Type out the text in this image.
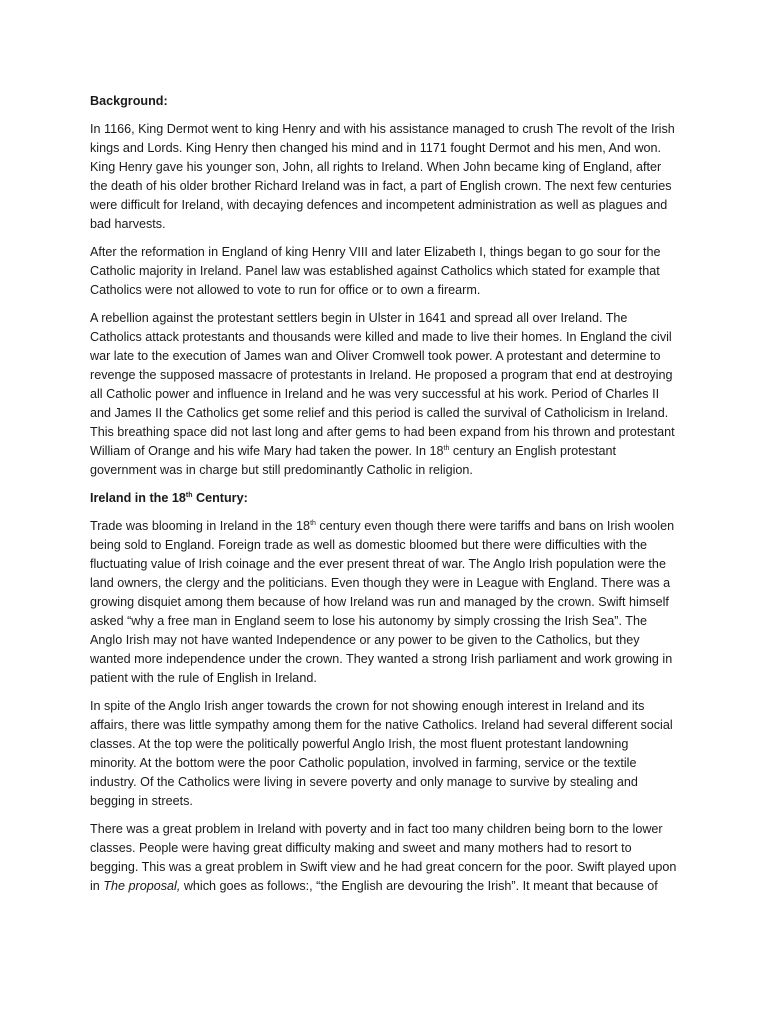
Background:

In 1166, King Dermot went to king Henry and with his assistance managed to crush The revolt of the Irish kings and Lords. King Henry then changed his mind and in 1171 fought Dermot and his men, And won. King Henry gave his younger son, John, all rights to Ireland. When John became king of England, after the death of his older brother Richard Ireland was in fact, a part of English crown. The next few centuries were difficult for Ireland, with decaying defences and incompetent administration as well as plagues and bad harvests.

After the reformation in England of king Henry VIII and later Elizabeth I, things began to go sour for the Catholic majority in Ireland. Panel law was established against Catholics which stated for example that Catholics were not allowed to vote to run for office or to own a firearm.

A rebellion against the protestant settlers begin in Ulster in 1641 and spread all over Ireland. The Catholics attack protestants and thousands were killed and made to live their homes. In England the civil war late to the execution of James wan and Oliver Cromwell took power. A protestant and determine to revenge the supposed massacre of protestants in Ireland. He proposed a program that end at destroying all Catholic power and influence in Ireland and he was very successful at his work. Period of Charles II and James II the Catholics get some relief and this period is called the survival of Catholicism in Ireland. This breathing space did not last long and after gems to had been expand from his thrown and protestant William of Orange and his wife Mary had taken the power. In 18th century an English protestant government was in charge but still predominantly Catholic in religion.

Ireland in the 18th Century:

Trade was blooming in Ireland in the 18th century even though there were tariffs and bans on Irish woolen being sold to England. Foreign trade as well as domestic bloomed but there were difficulties with the fluctuating value of Irish coinage and the ever present threat of war. The Anglo Irish population were the land owners, the clergy and the politicians. Even though they were in League with England. There was a growing disquiet among them because of how Ireland was run and managed by the crown. Swift himself asked “why a free man in England seem to lose his autonomy by simply crossing the Irish Sea”. The Anglo Irish may not have wanted Independence or any power to be given to the Catholics, but they wanted more independence under the crown. They wanted a strong Irish parliament and work growing in patient with the rule of English in Ireland.

In spite of the Anglo Irish anger towards the crown for not showing enough interest in Ireland and its affairs, there was little sympathy among them for the native Catholics. Ireland had several different social classes. At the top were the politically powerful Anglo Irish, the most fluent protestant landowning minority. At the bottom were the poor Catholic population, involved in farming, service or the textile industry. Of the Catholics were living in severe poverty and only manage to survive by stealing and begging in streets.

There was a great problem in Ireland with poverty and in fact too many children being born to the lower classes. People were having great difficulty making and sweet and many mothers had to resort to begging. This was a great problem in Swift view and he had great concern for the poor. Swift played upon in The proposal, which goes as follows:, “the English are devouring the Irish”. It meant that because of
